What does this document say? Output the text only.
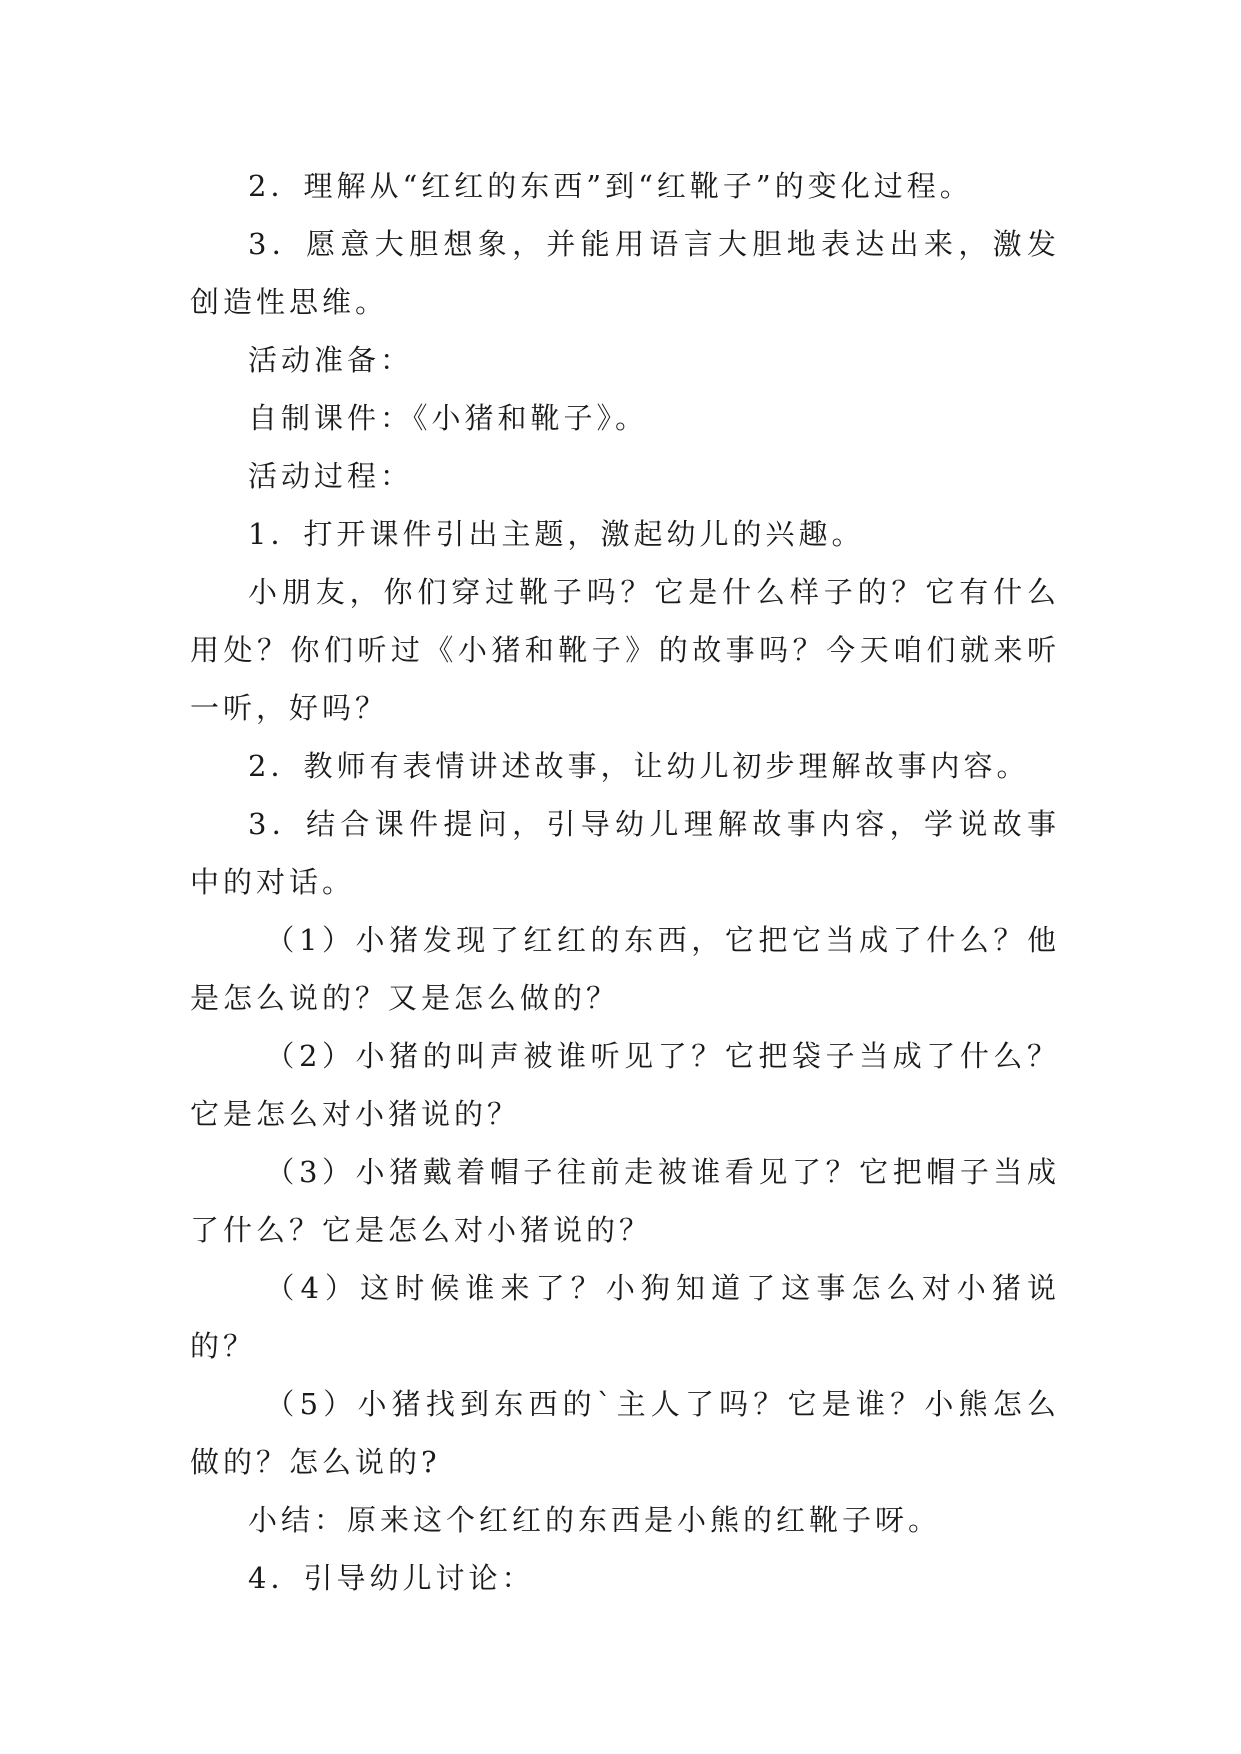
2．理解从“红红的东西”到“红靴子”的变化过程。

3．愿意大胆想象，并能用语言大胆地表达出来，激发创造性思维。

活动准备：

自制课件：《小猪和靴子》。

活动过程：

1．打开课件引出主题，激起幼儿的兴趣。

小朋友，你们穿过靴子吗？它是什么样子的？它有什么用处？你们听过《小猪和靴子》的故事吗？今天咱们就来听一听，好吗？

2．教师有表情讲述故事，让幼儿初步理解故事内容。

3．结合课件提问，引导幼儿理解故事内容，学说故事中的对话。

（1）小猪发现了红红的东西，它把它当成了什么？他是怎么说的？又是怎么做的？

（2）小猪的叫声被谁听见了？它把袋子当成了什么？它是怎么对小猪说的？

（3）小猪戴着帽子往前走被谁看见了？它把帽子当成了什么？它是怎么对小猪说的？

（4）这时候谁来了？小狗知道了这事怎么对小猪说的？

（5）小猪找到东西的`主人了吗？它是谁？小熊怎么做的？怎么说的?

小结：原来这个红红的东西是小熊的红靴子呀。

4．引导幼儿讨论：
